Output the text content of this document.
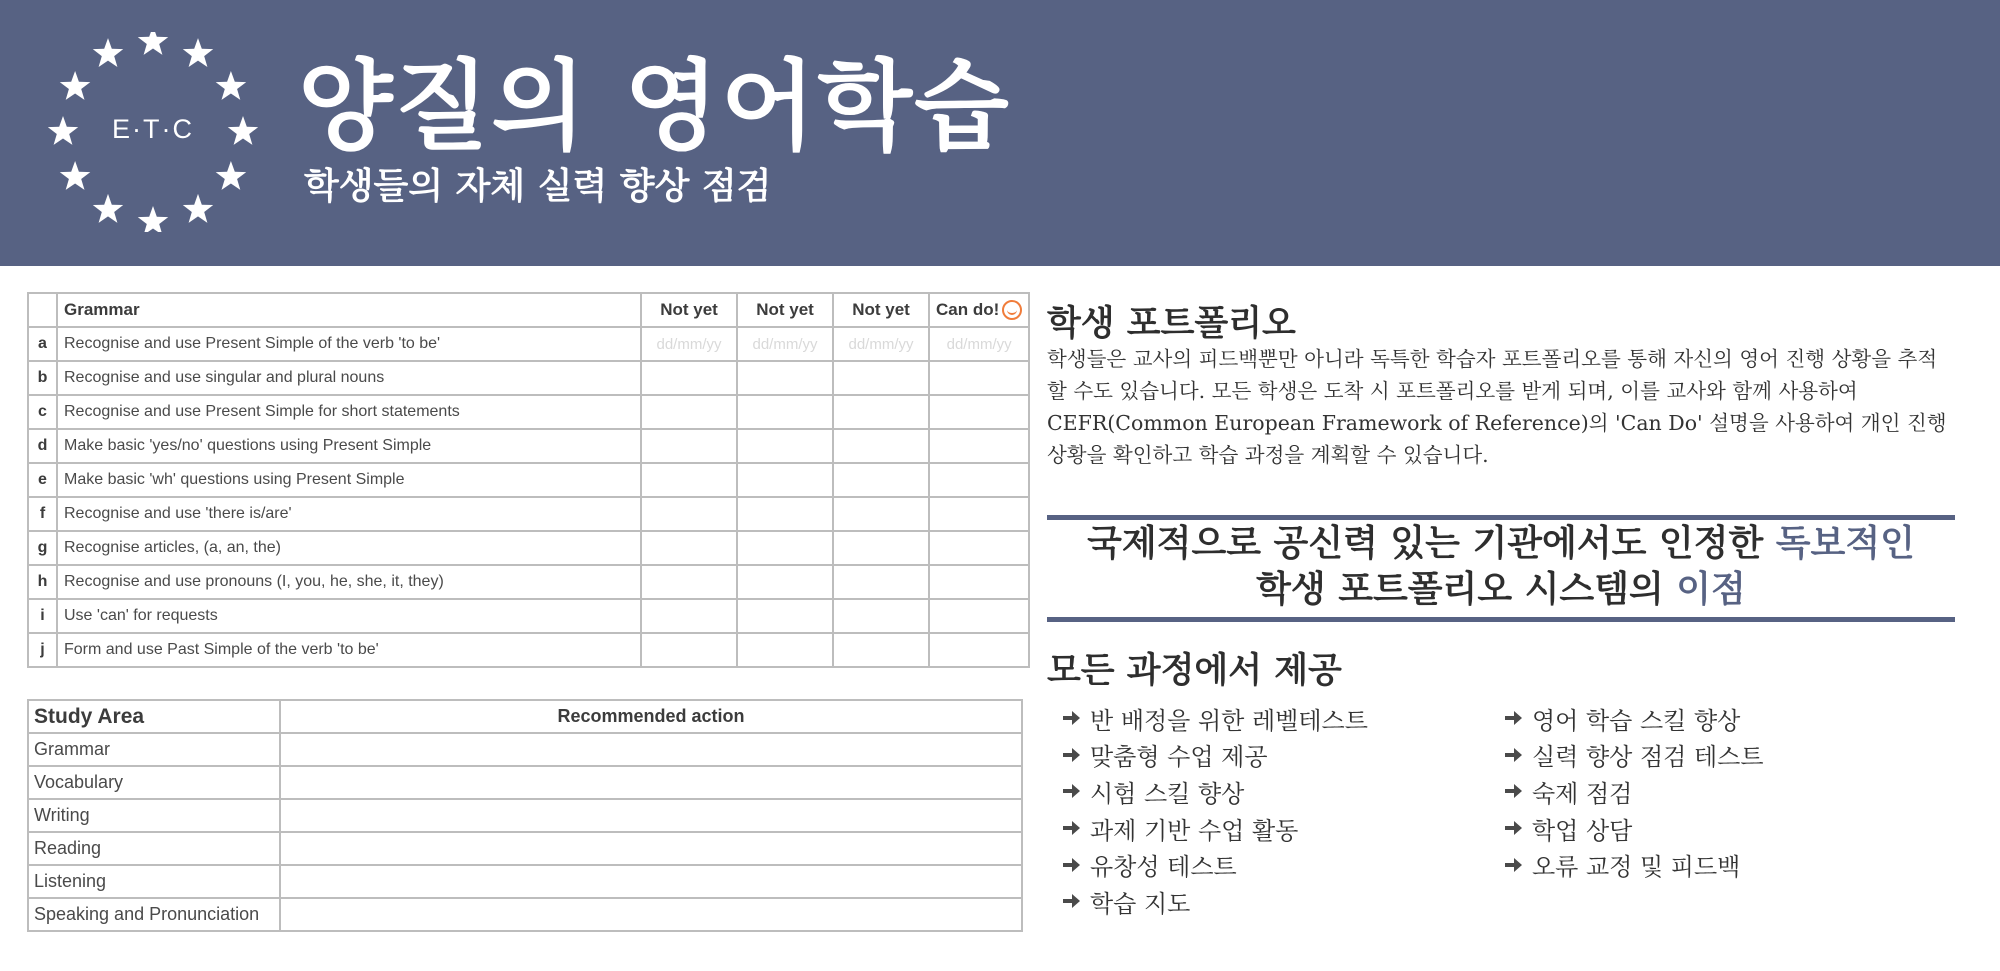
E·T·C	양질의 영어학습
학생들의 자체 실력 향상 점검
	Grammar	Not yet	Not yet	Not yet	Can do!
a	Recognise and use Present Simple of the verb 'to be'	dd/mm/yy	dd/mm/yy	dd/mm/yy	dd/mm/yy
b	Recognise and use singular and plural nouns				
c	Recognise and use Present Simple for short statements				
d	Make basic 'yes/no' questions using Present Simple				
e	Make basic 'wh' questions using Present Simple				
f	Recognise and use 'there is/are'				
g	Recognise articles, (a, an, the)				
h	Recognise and use pronouns (I, you, he, she, it, they)				
i	Use 'can' for requests				
j	Form and use Past Simple of the verb 'to be'				
Study Area	Recommended action
Grammar	
Vocabulary	
Writing	
Reading	
Listening	
Speaking and Pronunciation	
학생 포트폴리오
학생들은 교사의 피드백뿐만 아니라 독특한 학습자 포트폴리오를 통해 자신의 영어 진행 상황을 추적할 수도 있습니다. 모든 학생은 도착 시 포트폴리오를 받게 되며, 이를 교사와 함께 사용하여 CEFR(Common European Framework of Reference)의 'Can Do' 설명을 사용하여 개인 진행 상황을 확인하고 학습 과정을 계획할 수 있습니다.
국제적으로 공신력 있는 기관에서도 인정한 독보적인
학생 포트폴리오 시스템의 이점
모든 과정에서 제공
반 배정을 위한 레벨테스트
맞춤형 수업 제공
시험 스킬 향상
과제 기반 수업 활동
유창성 테스트
학습 지도
영어 학습 스킬 향상
실력 향상 점검 테스트
숙제 점검
학업 상담
오류 교정 및 피드백
